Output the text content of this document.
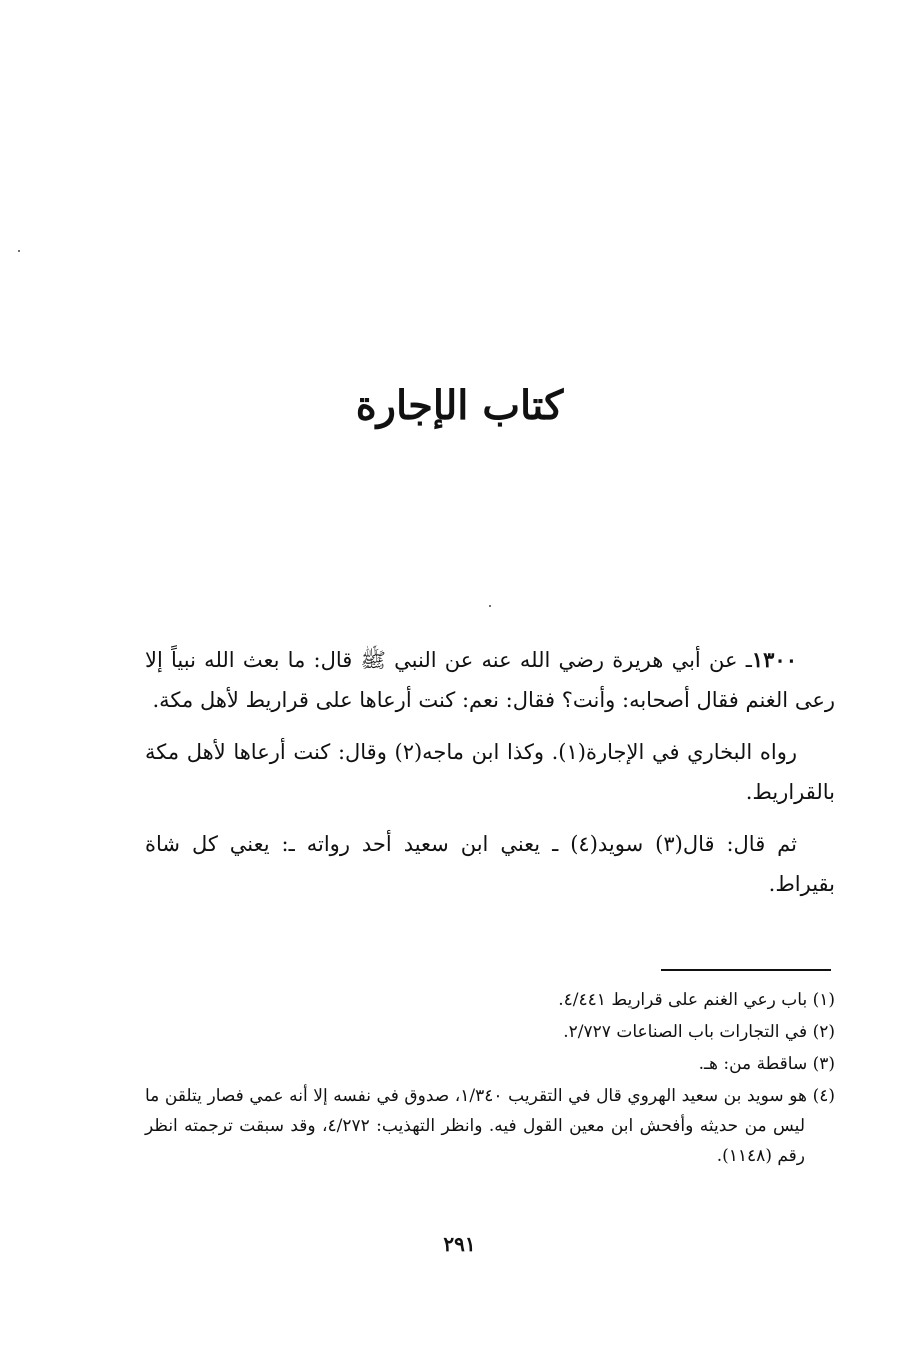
كتاب الإجارة

١٣٠٠ـ عن أبي هريرة رضي الله عنه عن النبي ﷺ قال: ما بعث الله نبياً إلا رعى الغنم فقال أصحابه: وأنت؟ فقال: نعم: كنت أرعاها على قراريط لأهل مكة.

رواه البخاري في الإجارة(١). وكذا ابن ماجه(٢) وقال: كنت أرعاها لأهل مكة بالقراريط.

ثم قال: قال(٣) سويد(٤) ـ يعني ابن سعيد أحد رواته ـ: يعني كل شاة بقيراط.

(١) باب رعي الغنم على قراريط ٤/٤٤١.
(٢) في التجارات باب الصناعات ٢/٧٢٧.
(٣) ساقطة من: هـ.
(٤) هو سويد بن سعيد الهروي قال في التقريب ١/٣٤٠، صدوق في نفسه إلا أنه عمي فصار يتلقن ما ليس من حديثه وأفحش ابن معين القول فيه. وانظر التهذيب: ٤/٢٧٢، وقد سبقت ترجمته انظر رقم (١١٤٨).
٢٩١
